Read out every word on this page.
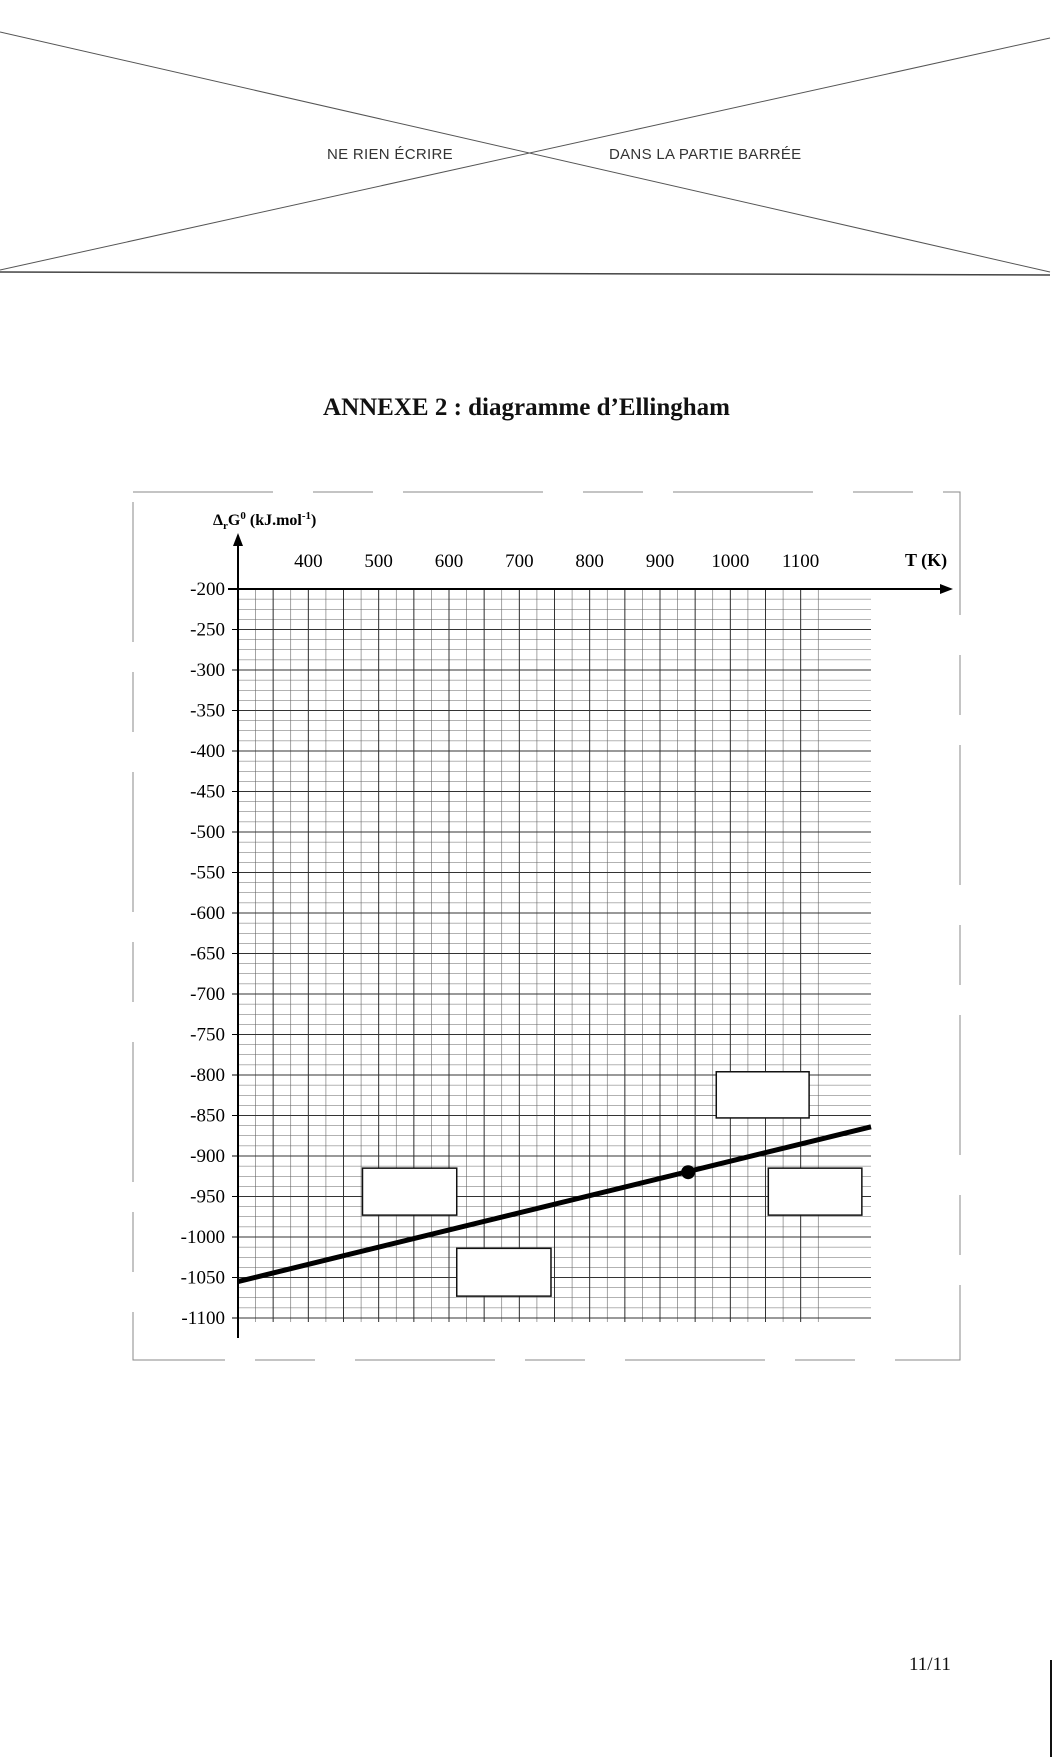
NE RIEN ÉCRIRE	DANS LA PARTIE BARRÉE
ANNEXE 2 : diagramme d’Ellingham
400 500 600 700 800 900 1000 1100
-200
-250
-300
-350
-400
-450
-500
-550
-600
-650
-700
-750
-800
-850
-900
-950
-1000
-1050
-1100
T (K)
$\Delta_rG^0$ (kJ.mol$^{-1}$)
11/11
